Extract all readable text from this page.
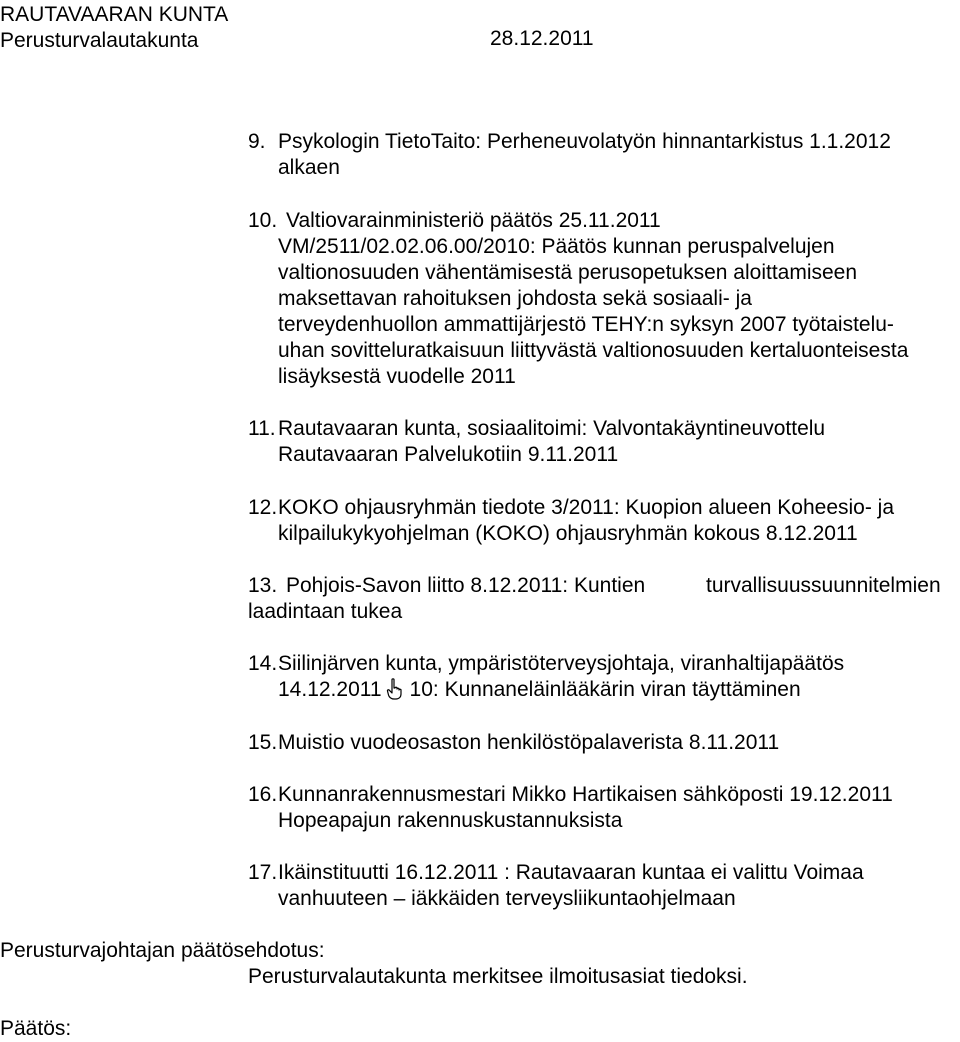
RAUTAVAARAN KUNTA
Perusturvalautakunta	28.12.2011
9. Psykologin TietoTaito: Perheneuvolatyön hinnantarkistus 1.1.2012
alkaen
10. Valtiovarainministeriö päätös 25.11.2011
VM/2511/02.02.06.00/2010: Päätös kunnan peruspalvelujen
valtionosuuden vähentämisestä perusopetuksen aloittamiseen
maksettavan rahoituksen johdosta sekä sosiaali- ja
terveydenhuollon ammattijärjestö TEHY:n syksyn 2007 työtaistelu-
uhan sovitteluratkaisuun liittyvästä valtionosuuden kertaluonteisesta
lisäyksestä vuodelle 2011
11. Rautavaaran kunta, sosiaalitoimi: Valvontakäyntineuvottelu
Rautavaaran Palvelukotiin 9.11.2011
12. KOKO ohjausryhmän tiedote 3/2011: Kuopion alueen Koheesio- ja
kilpailukykyohjelman (KOKO) ohjausryhmän kokous 8.12.2011
13. Pohjois-Savon liitto 8.12.2011: Kuntien	turvallisuussuunnitelmien
laadintaan tukea
14. Siilinjärven kunta, ympäristöterveysjohtaja, viranhaltijapäätös
14.12.2011 10: Kunnaneläinlääkärin viran täyttäminen
15. Muistio vuodeosaston henkilöstöpalaverista 8.11.2011
16. Kunnanrakennusmestari Mikko Hartikaisen sähköposti 19.12.2011
Hopeapajun rakennuskustannuksista
17. Ikäinstituutti 16.12.2011 : Rautavaaran kuntaa ei valittu Voimaa
vanhuuteen – iäkkäiden terveysliikuntaohjelmaan
Perusturvajohtajan päätösehdotus:
Perusturvalautakunta merkitsee ilmoitusasiat tiedoksi.
Päätös:
